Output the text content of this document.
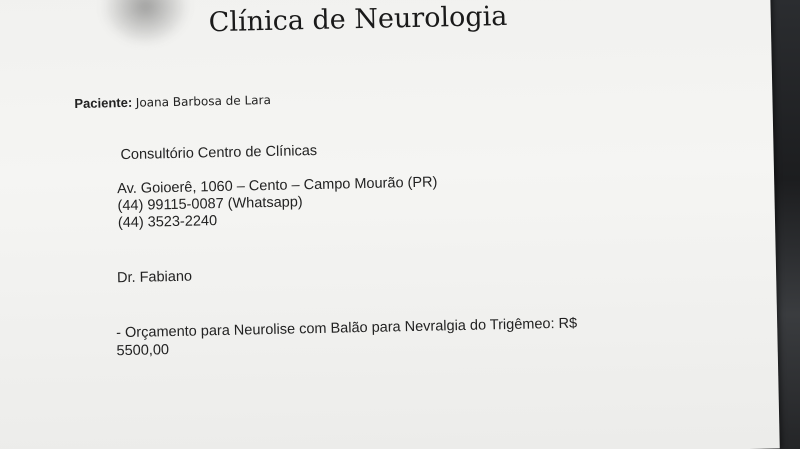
Clínica de Neurologia

Paciente: Joana Barbosa de Lara

Consultório Centro de Clínicas

Av. Goioerê, 1060 – Cento – Campo Mourão (PR)

(44) 99115-0087 (Whatsapp)

(44) 3523-2240

Dr. Fabiano

- Orçamento para Neurolise com Balão para Nevralgia do Trigêmeo: R$

5500,00
